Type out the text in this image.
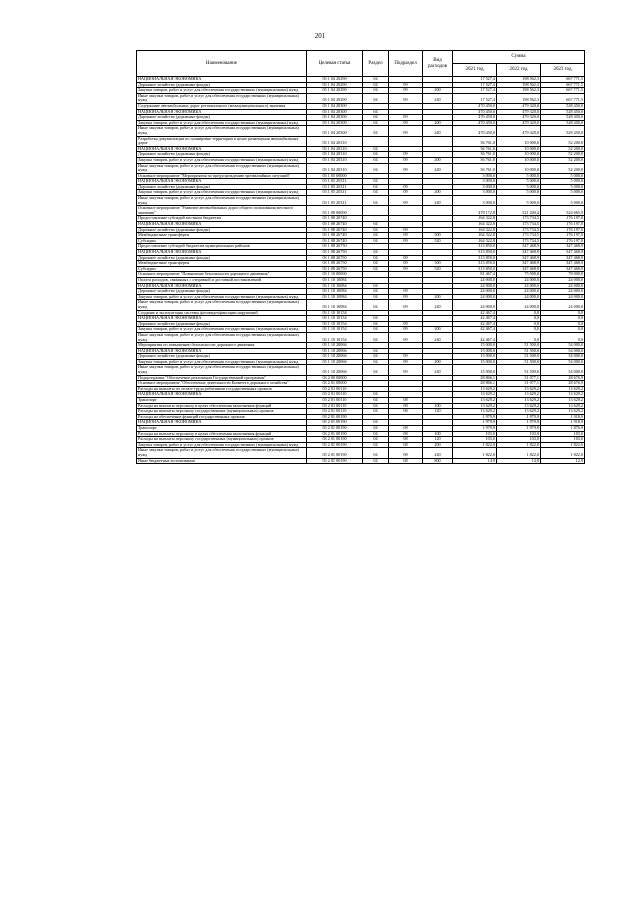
201
Наименование	Целевая статья	Раздел	Подраздел	Вид расходов	Сумма		
					2021 год	2022 год	2023 год
НАЦИОНАЛЬНАЯ ЭКОНОМИКА	03 1 04 20290	04			17 527,4	198 562,3	667 771,5
Дорожное хозяйство (дорожные фонды)	03 1 04 20290	04	09		17 527,4	198 562,3	667 771,5
Закупка товаров, работ и услуг для обеспечения государственных (муниципальных) нужд	03 1 04 20290	04	09	200	17 527,4	198 562,3	667 771,5
Иные закупки товаров, работ и услуг для обеспечения государственных (муниципальных) нужд	03 1 04 20290	04	09	240	17 527,4	198 562,3	667 771,5
Содержание автомобильных дорог регионального (межмуниципального) значения	03 1 04 20300				470 450,0	479 320,0	528 450,0
НАЦИОНАЛЬНАЯ ЭКОНОМИКА	03 1 04 20300	04			470 450,0	479 320,0	528 450,0
Дорожное хозяйство (дорожные фонды)	03 1 04 20300	04	09		470 450,0	479 320,0	528 450,0
Закупка товаров, работ и услуг для обеспечения государственных (муниципальных) нужд	03 1 04 20300	04	09	200	470 450,0	479 320,0	528 450,0
Иные закупки товаров, работ и услуг для обеспечения государственных (муниципальных) нужд	03 1 04 20300	04	09	240	470 450,0	479 320,0	528 450,0
Разработка документации по планировке территории в целях размещения автомобильных дорог	03 1 04 20310				36 761,0	10 000,0	52 200,0
НАЦИОНАЛЬНАЯ ЭКОНОМИКА	03 1 04 20310	04			36 761,0	10 000,0	52 200,0
Дорожное хозяйство (дорожные фонды)	03 1 04 20310	04	09		36 761,0	10 000,0	52 200,0
Закупка товаров, работ и услуг для обеспечения государственных (муниципальных) нужд	03 1 04 20310	04	09	200	36 761,0	10 000,0	52 200,0
Иные закупки товаров, работ и услуг для обеспечения государственных (муниципальных) нужд	03 1 04 20310	04	09	240	36 761,0	10 000,0	52 200,0
Основное мероприятие "Мероприятия по предупреждению чрезвычайных ситуаций"	03 1 05 00000				3 000,0	5 000,0	5 000,0
НАЦИОНАЛЬНАЯ ЭКОНОМИКА	03 1 05 20311	04			3 000,0	5 000,0	5 000,0
Дорожное хозяйство (дорожные фонды)	03 1 05 20311	04	09		3 000,0	5 000,0	5 000,0
Закупка товаров, работ и услуг для обеспечения государственных (муниципальных) нужд	03 1 05 20311	04	09	200	3 000,0	5 000,0	5 000,0
Иные закупки товаров, работ и услуг для обеспечения государственных (муниципальных) нужд	03 1 05 20311	04	09	240	3 000,0	5 000,0	5 000,0
Основное мероприятие "Развитие автомобильных дорог общего пользования местного значения"	03 1 08 00000				478 172,8	521 200,4	524 665,9
Предоставление субсидий местным бюджетам	03 1 08 26740				164 322,8	173 734,5	176 197,0
НАЦИОНАЛЬНАЯ ЭКОНОМИКА	03 1 08 26740	04			164 322,8	173 734,5	176 197,0
Дорожное хозяйство (дорожные фонды)	03 1 08 26740	04	09		164 322,8	173 734,5	176 197,0
Межбюджетные трансферты	03 1 08 26740	04	09	500	164 322,8	173 734,5	176 197,0
Субсидии	03 1 08 26740	04	09	520	164 322,8	173 734,5	176 197,0
Предоставление субсидий бюджетам муниципальных районов	03 1 08 26750				313 850,0	347 468,9	347 468,9
НАЦИОНАЛЬНАЯ ЭКОНОМИКА	03 1 08 26750	04			313 850,0	347 468,9	347 468,9
Дорожное хозяйство (дорожные фонды)	03 1 08 26750	04	09		313 850,0	347 468,9	347 468,9
Межбюджетные трансферты	03 1 08 26750	04	09	500	313 850,0	347 468,9	347 468,9
Субсидии	03 1 08 26750	04	09	520	313 850,0	347 468,9	347 468,9
Основное мероприятие "Повышение безопасности дорожного движения"	03 1 10 00000				81 467,4	75 500,0	78 000,0
Оплата расходов, связанных с отправкой и доставкой постановлений	03 1 10 10084				24 000,0	24 000,0	24 000,0
НАЦИОНАЛЬНАЯ ЭКОНОМИКА	03 1 10 10084	04			24 000,0	24 000,0	24 000,0
Дорожное хозяйство (дорожные фонды)	03 1 10 10084	04	09		24 000,0	24 000,0	24 000,0
Закупка товаров, работ и услуг для обеспечения государственных (муниципальных) нужд	03 1 10 10084	04	09	200	24 000,0	24 000,0	24 000,0
Иные закупки товаров, работ и услуг для обеспечения государственных (муниципальных) нужд	03 1 10 10084	04	09	240	24 000,0	24 000,0	24 000,0
Создание и эксплуатация системы фотовидеофиксации нарушений	03 1 10 10154				42 467,4	0,0	0,0
НАЦИОНАЛЬНАЯ ЭКОНОМИКА	03 1 10 10154	04			42 467,4	0,0	0,0
Дорожное хозяйство (дорожные фонды)	03 1 10 10154	04	09		42 467,4	0,0	0,0
Закупка товаров, работ и услуг для обеспечения государственных (муниципальных) нужд	03 1 10 10154	04	09	200	42 467,4	0,0	0,0
Иные закупки товаров, работ и услуг для обеспечения государственных (муниципальных) нужд	03 1 10 10154	04	09	240	42 467,4	0,0	0,0
Мероприятия по повышению безопасности дорожного движения	03 1 10 20066				15 000,0	51 500,0	54 000,0
НАЦИОНАЛЬНАЯ ЭКОНОМИКА	03 1 10 20066	04			15 000,0	51 500,0	54 000,0
Дорожное хозяйство (дорожные фонды)	03 1 10 20066	04	09		15 000,0	51 500,0	54 000,0
Закупка товаров, работ и услуг для обеспечения государственных (муниципальных) нужд	03 1 10 20066	04	09	200	15 000,0	51 500,0	54 000,0
Иные закупки товаров, работ и услуг для обеспечения государственных (муниципальных) нужд	03 1 10 20066	04	09	240	15 000,0	51 500,0	54 000,0
Подпрограмма "Обеспечение реализации Государственной программы"	03 2 00 00000				28 866,1	31 077,1	28 676,9
Основное мероприятие "Обеспечение деятельности Комитета дорожного хозяйства"	03 2 01 00000				28 866,1	31 077,1	28 676,9
Расходы на выплаты по оплате труда работников государственных органов	03 2 01 00110				13 629,2	13 629,2	13 629,2
НАЦИОНАЛЬНАЯ ЭКОНОМИКА	03 2 01 00110	04			13 629,2	13 629,2	13 629,2
Транспорт	03 2 01 00110	04	08		13 629,2	13 629,2	13 629,2
Расходы на выплаты персоналу в целях обеспечения выполнения функций	03 2 01 00110	04	08	100	13 629,2	13 629,2	13 629,2
Расходы на выплаты персоналу государственных (муниципальных) органов	03 2 01 00110	04	08	120	13 629,2	13 629,2	13 629,2
Расходы на обеспечение функций государственных органов	03 2 01 00190				1 979,9	1 979,9	1 918,9
НАЦИОНАЛЬНАЯ ЭКОНОМИКА	03 2 01 00190	04			1 979,9	1 979,9	1 918,9
Транспорт	03 2 01 00190	04	08		1 979,9	1 979,9	1 876,9
Расходы на выплаты персоналу в целях обеспечения выполнения функций	03 2 01 00190	04	08	100	103,0	103,0	103,0
Расходы на выплаты персоналу государственных (муниципальных) органов	03 2 01 00190	04	08	120	103,0	103,0	103,0
Закупка товаров, работ и услуг для обеспечения государственных (муниципальных) нужд	03 2 01 00190	04	08	200	1 822,0	1 822,0	1 822,0
Иные закупки товаров, работ и услуг для обеспечения государственных (муниципальных) нужд	03 2 01 00190	04	08	240	1 822,0	1 822,0	1 822,0
Иные бюджетные ассигнования	03 2 01 00190	04	08	800	14,9	14,9	12,9
